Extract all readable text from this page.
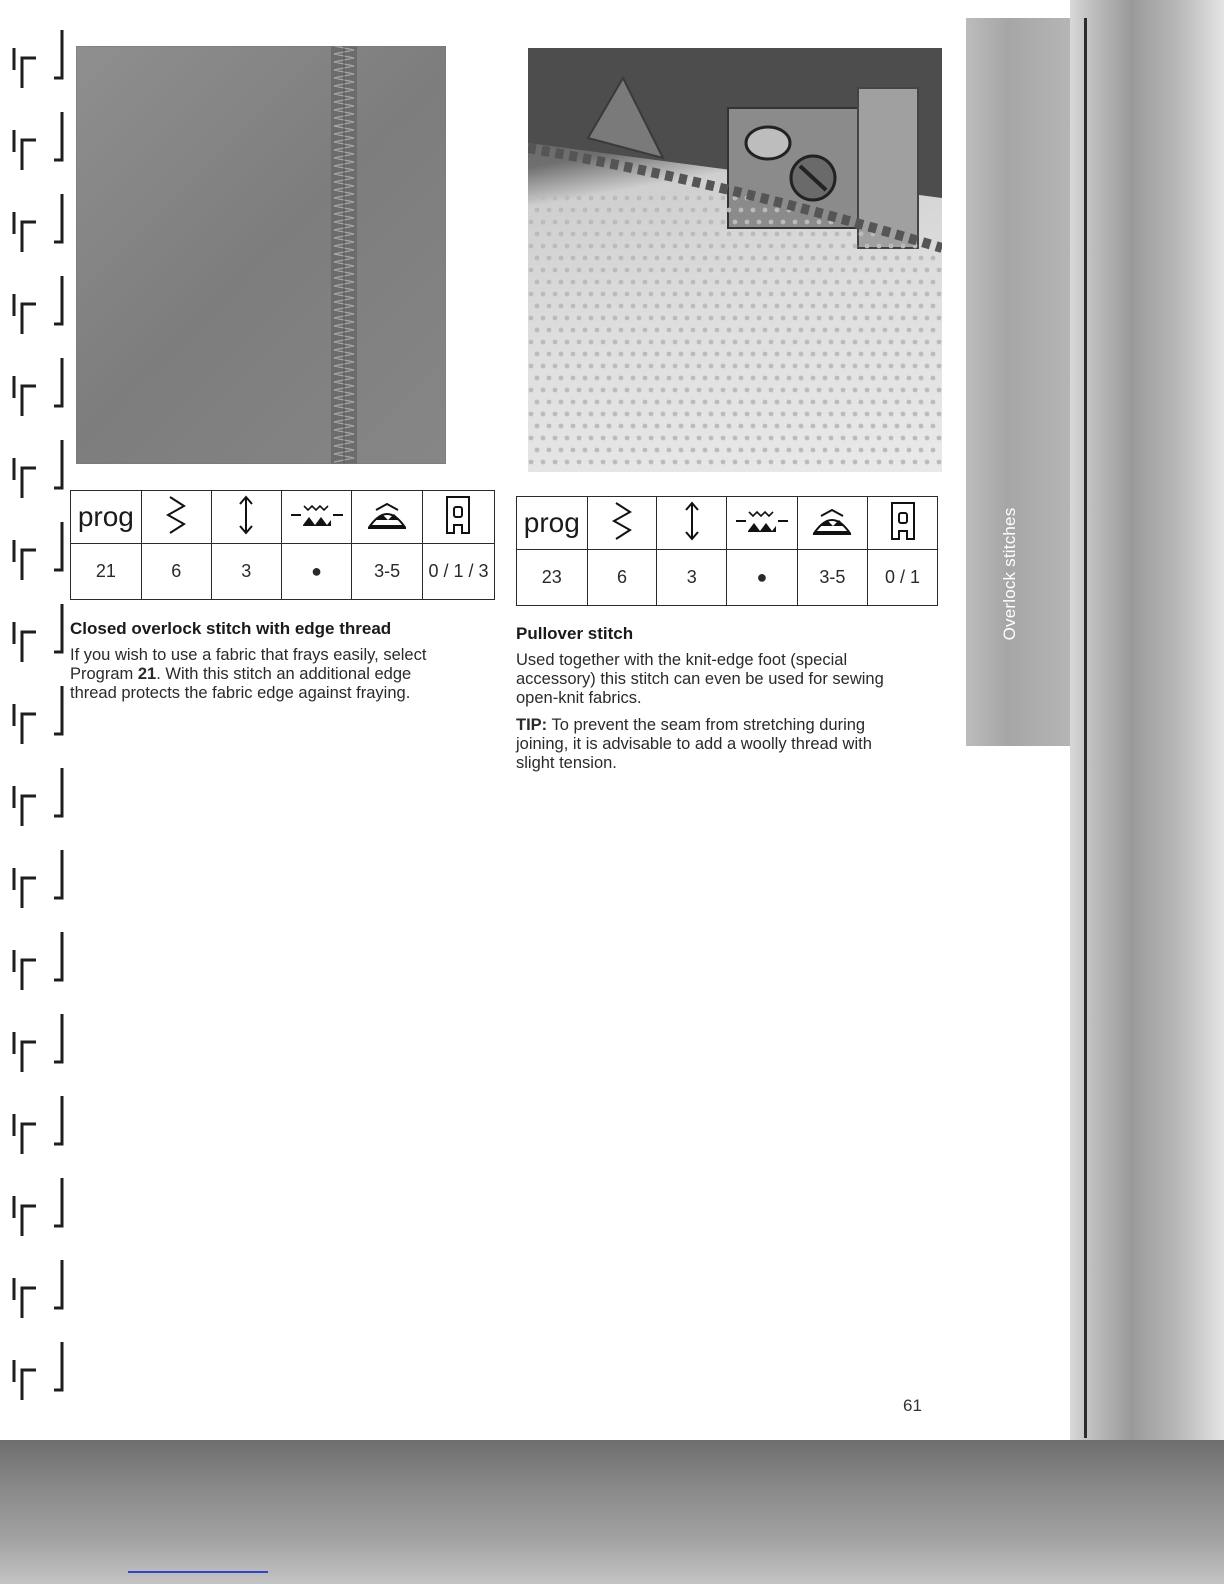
Overlock stitches
prog					
21	6	3	●	3-5	0 / 1 / 3
prog					
23	6	3	●	3-5	0 / 1
Closed overlock stitch with edge thread
If you wish to use a fabric that frays easily, select
Program 21. With this stitch an additional edge
thread protects the fabric edge against fraying.
Pullover stitch
Used together with the knit-edge foot (special
accessory) this stitch can even be used for sewing
open-knit fabrics.
TIP: To prevent the seam from stretching during
joining, it is advisable to add a woolly thread with
slight tension.
61
